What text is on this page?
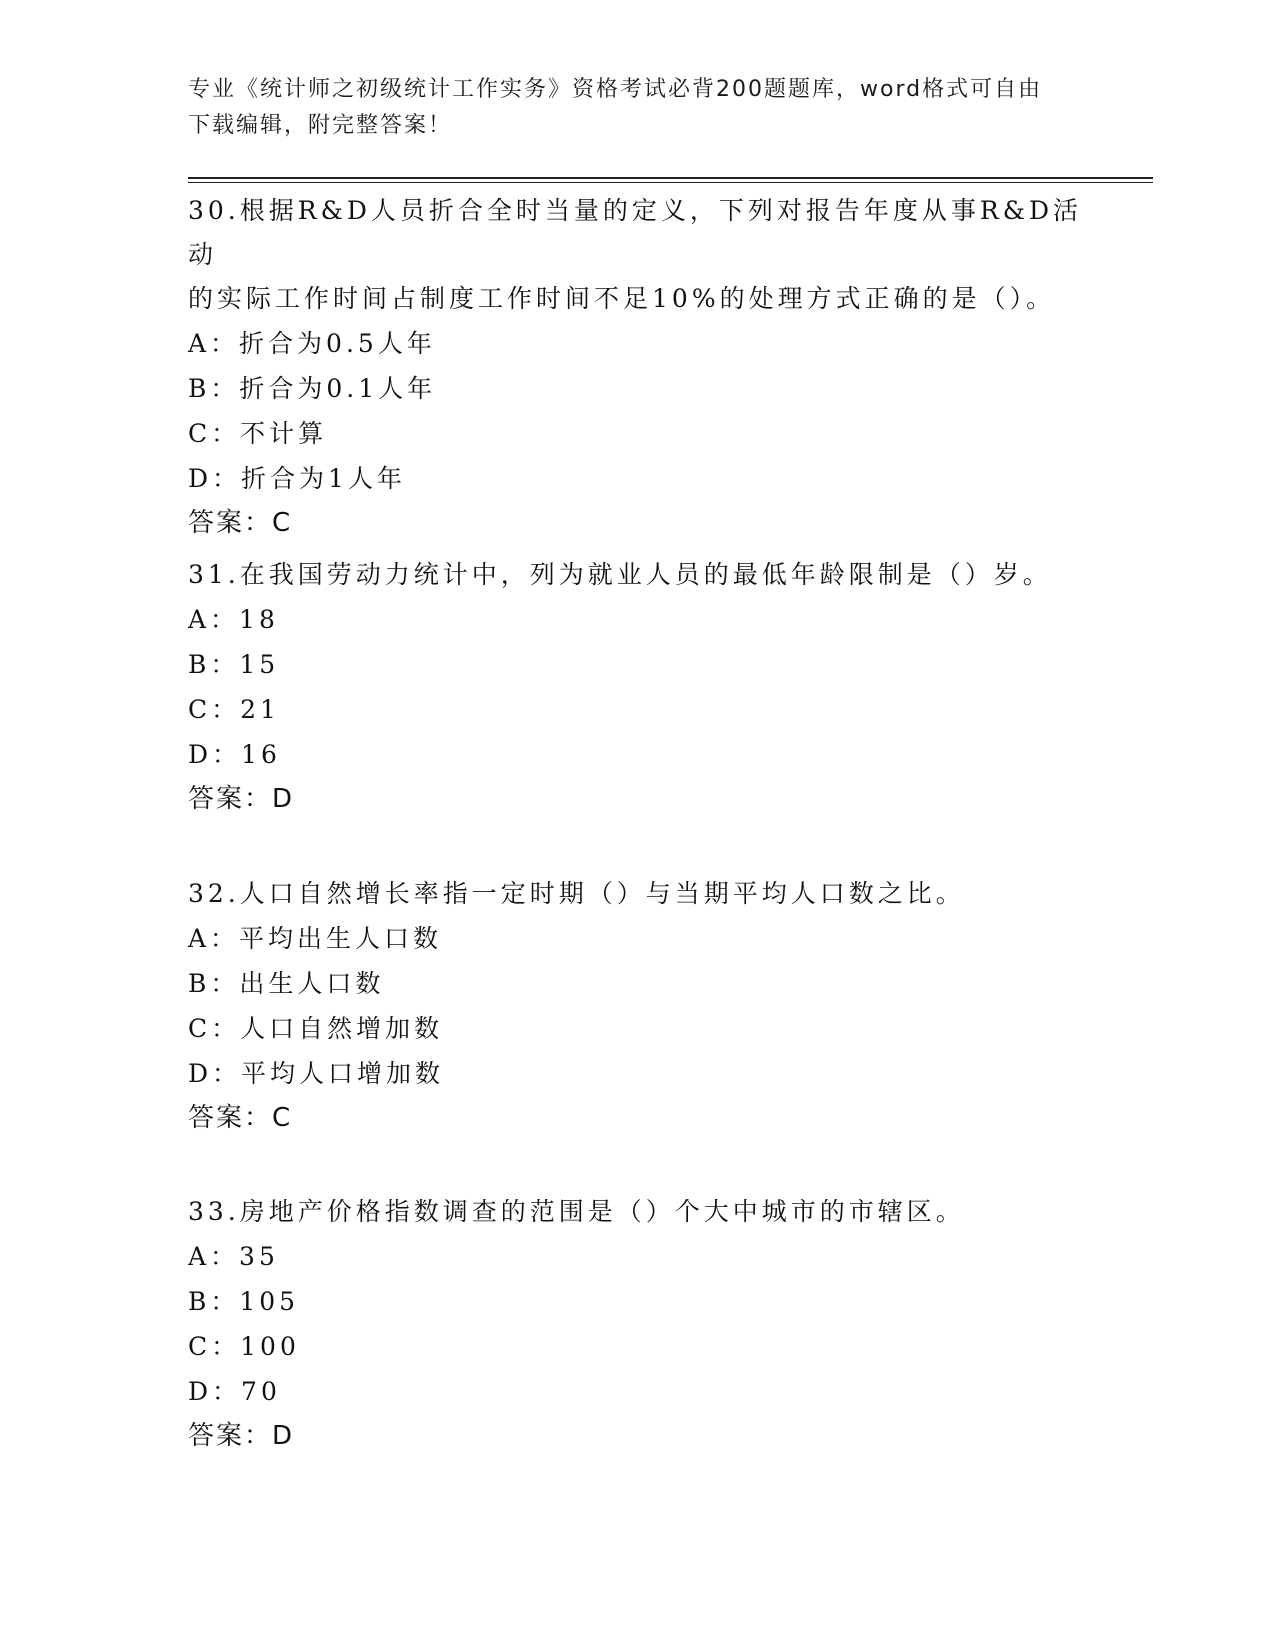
专业《统计师之初级统计工作实务》资格考试必背200题题库，word格式可自由
下载编辑，附完整答案！

30.根据R&D人员折合全时当量的定义，下列对报告年度从事R&D活动

的实际工作时间占制度工作时间不足10%的处理方式正确的是（）。

A：折合为0.5人年

B：折合为0.1人年

C：不计算

D：折合为1人年

答案：C

31.在我国劳动力统计中，列为就业人员的最低年龄限制是（）岁。

A：18

B：15

C：21

D：16

答案：D

32.人口自然增长率指一定时期（）与当期平均人口数之比。

A：平均出生人口数

B：出生人口数

C：人口自然增加数

D：平均人口增加数

答案：C

33.房地产价格指数调查的范围是（）个大中城市的市辖区。

A：35

B：105

C：100

D：70

答案：D
